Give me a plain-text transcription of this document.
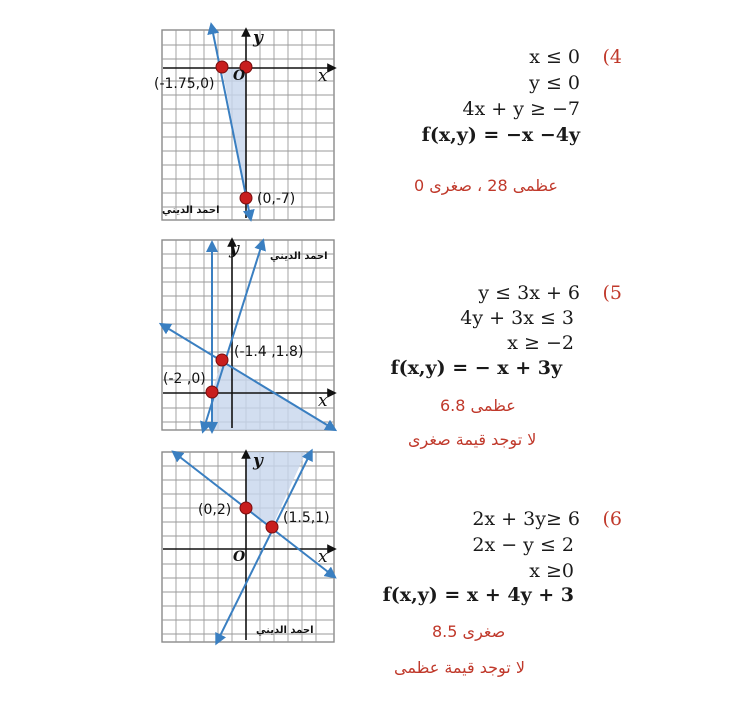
y
x
O
(-1.75,0)
(0,-7)
احمد الديني
y
x
(-1.4 ,1.8)
(-2 ,0)
احمد الديني
y
x
O
(0,2)	(1.5,1)
احمد الديني
x ≤ 0 (4
y ≤ 0
4x + y ≥ −7
f(x,y) = −x −4y
عظمى 28 ، صغرى 0
y ≤ 3x + 6 (5
4y + 3x ≤ 3
x ≥ −2
f(x,y) = − x + 3y
عظمى 6.8
لا توجد قيمة صغرى
2x + 3y≥ 6 (6
2x − y ≤ 2
x ≥0
f(x,y) = x + 4y + 3
صغرى 8.5
لا توجد قيمة عظمى
